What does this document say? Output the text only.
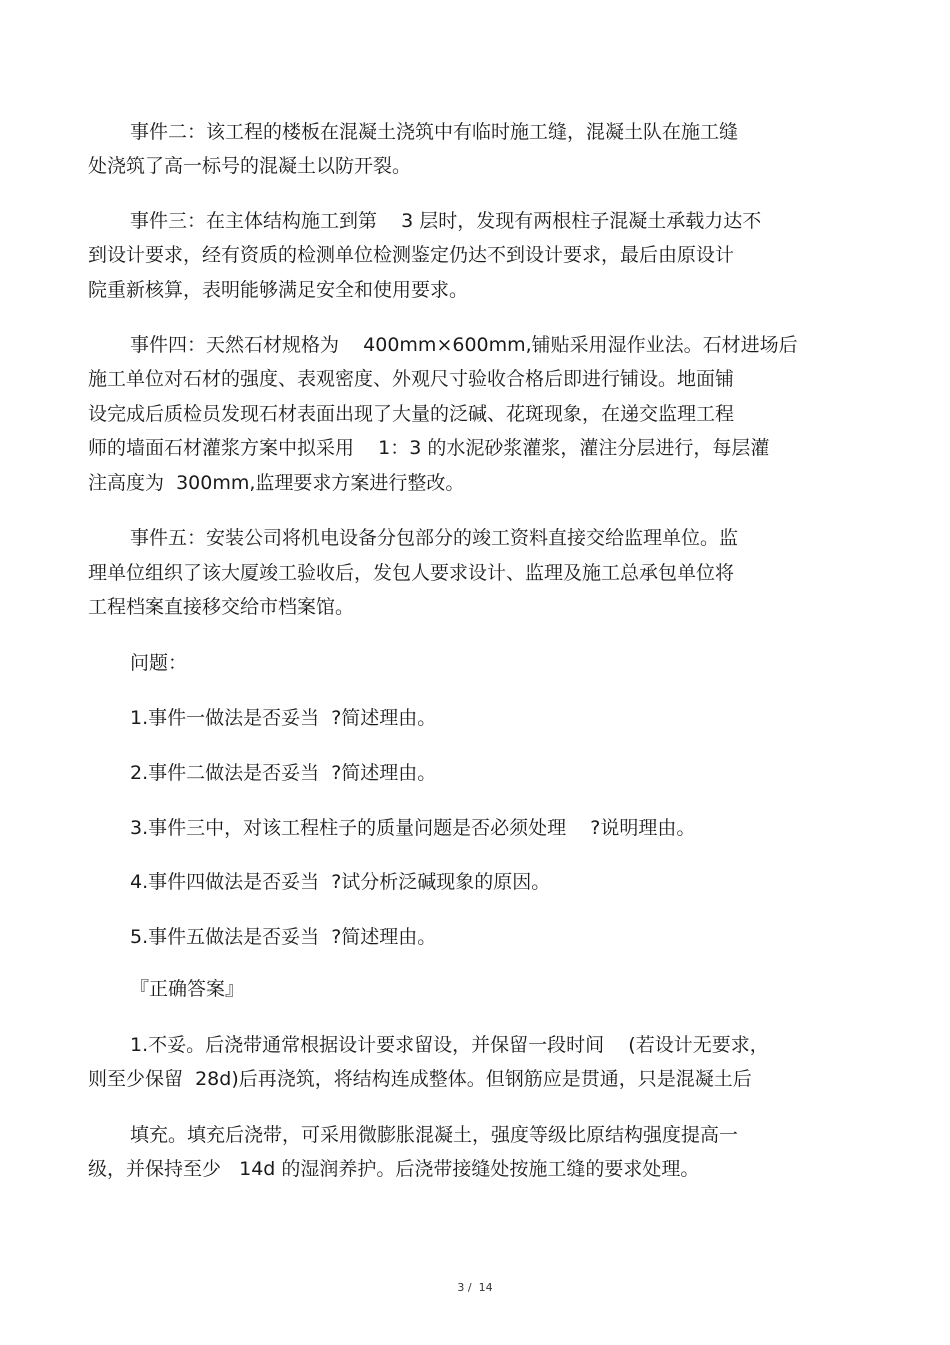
事件二：该工程的楼板在混凝土浇筑中有临时施工缝，混凝土队在施工缝
处浇筑了高一标号的混凝土以防开裂。
事件三：在主体结构施工到第    3 层时，发现有两根柱子混凝土承载力达不
到设计要求，经有资质的检测单位检测鉴定仍达不到设计要求，最后由原设计
院重新核算，表明能够满足安全和使用要求。
事件四：天然石材规格为    400mm×600mm,铺贴采用湿作业法。石材进场后
施工单位对石材的强度、表观密度、外观尺寸验收合格后即进行铺设。地面铺
设完成后质检员发现石材表面出现了大量的泛碱、花斑现象，在递交监理工程
师的墙面石材灌浆方案中拟采用    1：3 的水泥砂浆灌浆，灌注分层进行，每层灌
注高度为  300mm,监理要求方案进行整改。
事件五：安装公司将机电设备分包部分的竣工资料直接交给监理单位。监
理单位组织了该大厦竣工验收后，发包人要求设计、监理及施工总承包单位将
工程档案直接移交给市档案馆。
问题：
1.事件一做法是否妥当  ?简述理由。
2.事件二做法是否妥当  ?简述理由。
3.事件三中，对该工程柱子的质量问题是否必须处理    ?说明理由。
4.事件四做法是否妥当  ?试分析泛碱现象的原因。
5.事件五做法是否妥当  ?简述理由。
『正确答案』
1.不妥。后浇带通常根据设计要求留设，并保留一段时间    (若设计无要求，
则至少保留  28d)后再浇筑，将结构连成整体。但钢筋应是贯通，只是混凝土后
填充。填充后浇带，可采用微膨胀混凝土，强度等级比原结构强度提高一
级，并保持至少   14d 的湿润养护。后浇带接缝处按施工缝的要求处理。
3 /  14
